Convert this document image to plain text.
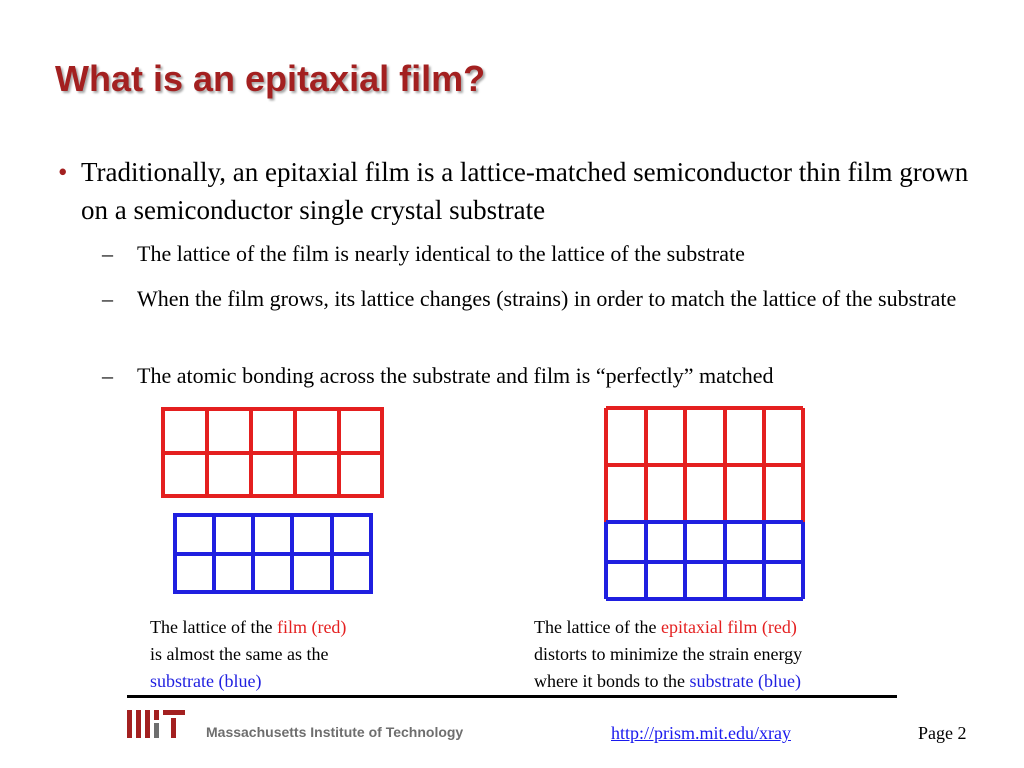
What is an epitaxial film?
• Traditionally, an epitaxial film is a lattice-matched semiconductor thin film grown on a semiconductor single crystal substrate
– The lattice of the film is nearly identical to the lattice of the substrate
– When the film grows, its lattice changes (strains) in order to match the lattice of the substrate
– The atomic bonding across the substrate and film is “perfectly” matched
The lattice of the film (red)
is almost the same as the
substrate (blue)
The lattice of the epitaxial film (red)
distorts to minimize the strain energy
where it bonds to the substrate (blue)
Massachusetts Institute of Technology	http://prism.mit.edu/xray	Page 2
